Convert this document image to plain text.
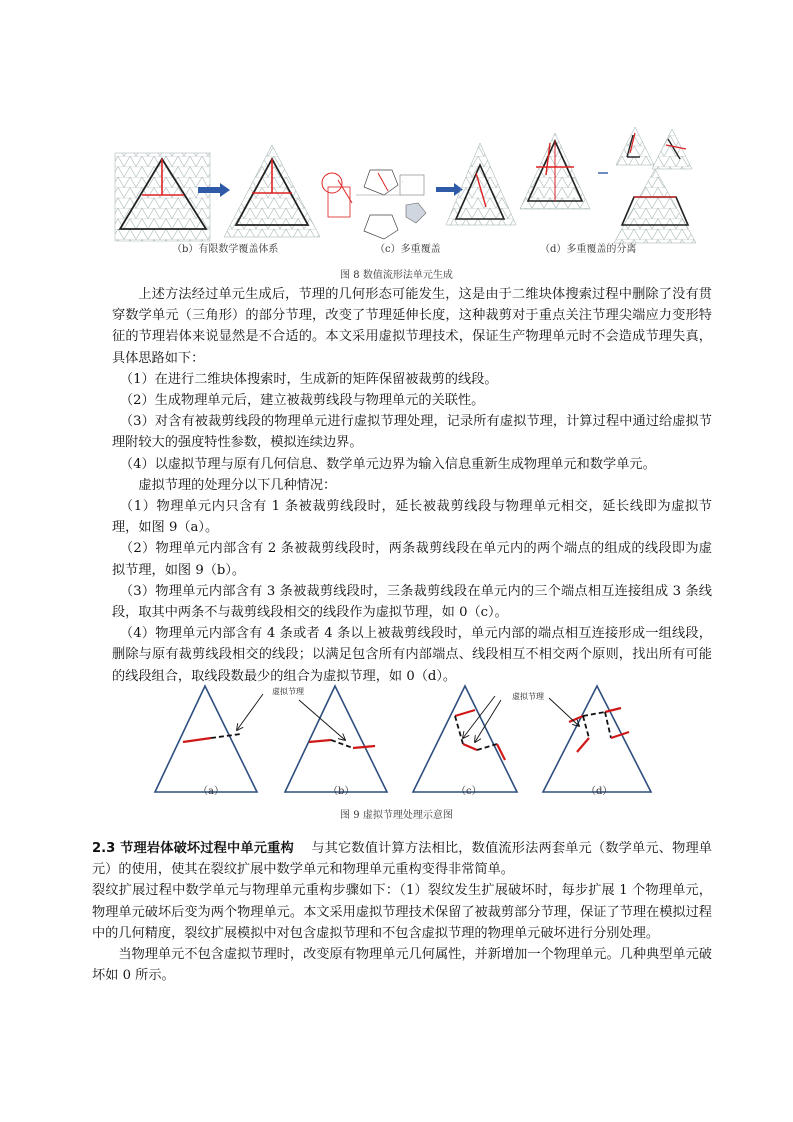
·
（b）有限数学覆盖体系	（c）多重覆盖	（d）多重覆盖的分离
图 8 数值流形法单元生成

上述方法经过单元生成后，节理的几何形态可能发生，这是由于二维块体搜索过程中删除了没有贯穿数学单元（三角形）的部分节理，改变了节理延伸长度，这种裁剪对于重点关注节理尖端应力变形特征的节理岩体来说显然是不合适的。本文采用虚拟节理技术，保证生产物理单元时不会造成节理失真，具体思路如下：

（1）在进行二维块体搜索时，生成新的矩阵保留被裁剪的线段。

（2）生成物理单元后，建立被裁剪线段与物理单元的关联性。

（3）对含有被裁剪线段的物理单元进行虚拟节理处理，记录所有虚拟节理，计算过程中通过给虚拟节理附较大的强度特性参数，模拟连续边界。

（4）以虚拟节理与原有几何信息、数学单元边界为输入信息重新生成物理单元和数学单元。

虚拟节理的处理分以下几种情况：

（1）物理单元内只含有 1 条被裁剪线段时，延长被裁剪线段与物理单元相交，延长线即为虚拟节理，如图 9（a）。

（2）物理单元内部含有 2 条被裁剪线段时，两条裁剪线段在单元内的两个端点的组成的线段即为虚拟节理，如图 9（b）。

（3）物理单元内部含有 3 条被裁剪线段时，三条裁剪线段在单元内的三个端点相互连接组成 3 条线段，取其中两条不与裁剪线段相交的线段作为虚拟节理，如 0（c）。

（4）物理单元内部含有 4 条或者 4 条以上被裁剪线段时，单元内部的端点相互连接形成一组线段，删除与原有裁剪线段相交的线段；以满足包含所有内部端点、线段相互不相交两个原则，找出所有可能的线段组合，取线段数最少的组合为虚拟节理，如 0（d）。

虚拟节理
虚拟节理
（a）	（b）	（c）	（d）
图 9 虚拟节理处理示意图

2.3 节理岩体破坏过程中单元重构 与其它数值计算方法相比，数值流形法两套单元（数学单元、物理单元）的使用，使其在裂纹扩展中数学单元和物理单元重构变得非常简单。

裂纹扩展过程中数学单元与物理单元重构步骤如下：（1）裂纹发生扩展破坏时，每步扩展 1 个物理单元，物理单元破坏后变为两个物理单元。本文采用虚拟节理技术保留了被裁剪部分节理，保证了节理在模拟过程中的几何精度，裂纹扩展模拟中对包含虚拟节理和不包含虚拟节理的物理单元破坏进行分别处理。

当物理单元不包含虚拟节理时，改变原有物理单元几何属性，并新增加一个物理单元。几种典型单元破坏如 0 所示。
